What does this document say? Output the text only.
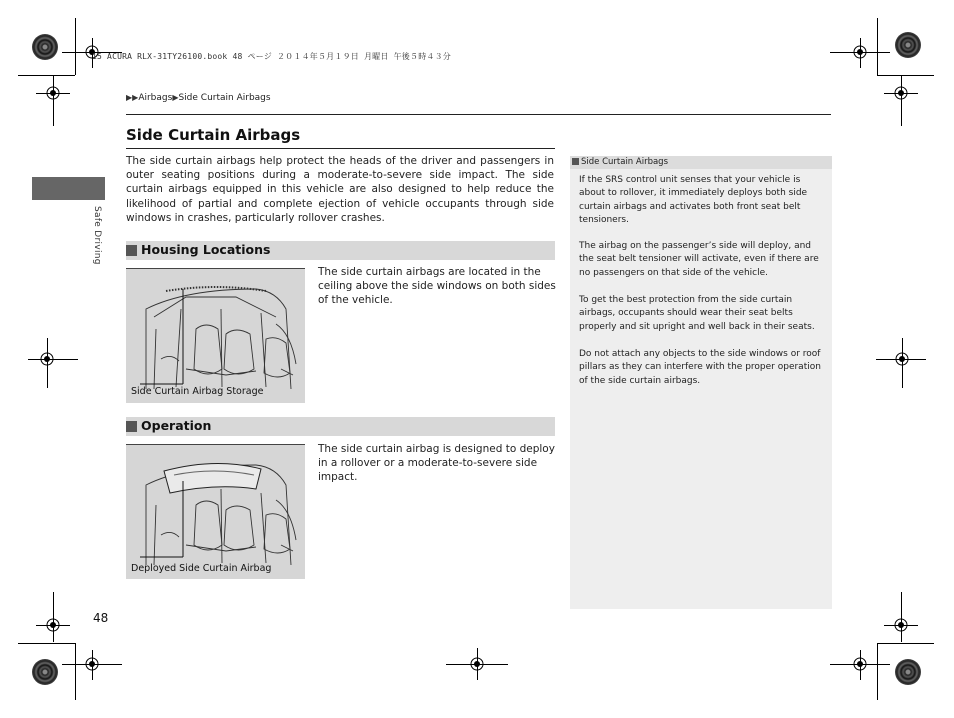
15 ACURA RLX-31TY26100.book 48 ページ ２０１４年５月１９日 月曜日 午後５時４３分
▶▶Airbags▶Side Curtain Airbags
Safe Driving
Side Curtain Airbags
The side curtain airbags help protect the heads of the driver and passengers in outer seating positions during a moderate-to-severe side impact. The side curtain airbags equipped in this vehicle are also designed to help reduce the likelihood of partial and complete ejection of vehicle occupants through side windows in crashes, particularly rollover crashes.
Housing Locations
Side Curtain Airbag Storage
The side curtain airbags are located in the ceiling above the side windows on both sides of the vehicle.
Operation
Deployed Side Curtain Airbag
The side curtain airbag is designed to deploy in a rollover or a moderate-to-severe side impact.
Side Curtain Airbags
If the SRS control unit senses that your vehicle is about to rollover, it immediately deploys both side curtain airbags and activates both front seat belt tensioners.
The airbag on the passenger’s side will deploy, and the seat belt tensioner will activate, even if there are no passengers on that side of the vehicle.
To get the best protection from the side curtain airbags, occupants should wear their seat belts properly and sit upright and well back in their seats.
Do not attach any objects to the side windows or roof pillars as they can interfere with the proper operation of the side curtain airbags.
48
